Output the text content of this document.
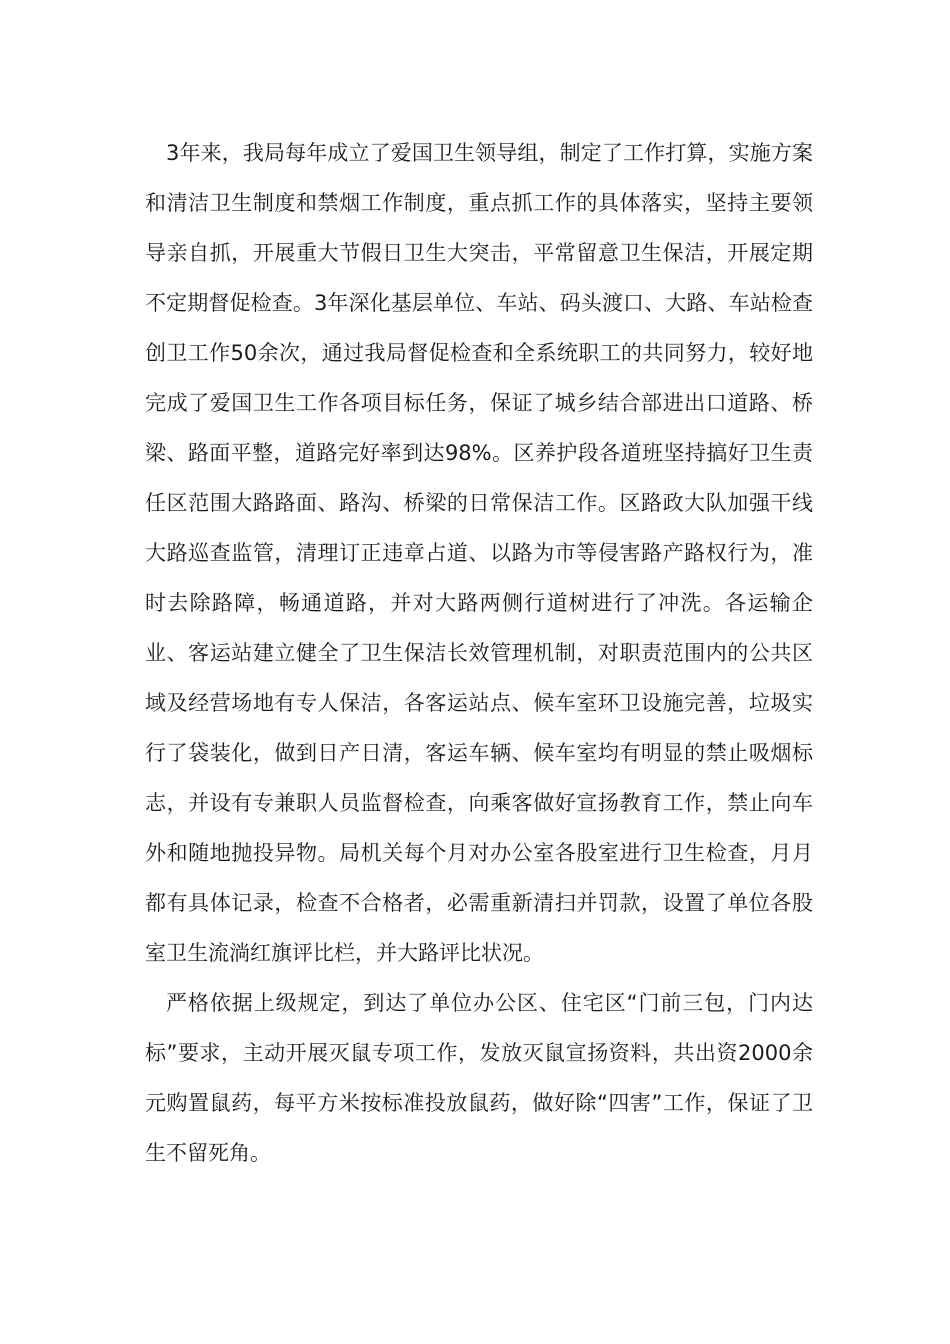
3年来，我局每年成立了爱国卫生领导组，制定了工作打算，实施方案和清洁卫生制度和禁烟工作制度，重点抓工作的具体落实，坚持主要领导亲自抓，开展重大节假日卫生大突击，平常留意卫生保洁，开展定期不定期督促检查。3年深化基层单位、车站、码头渡口、大路、车站检查创卫工作50余次，通过我局督促检查和全系统职工的共同努力，较好地完成了爱国卫生工作各项目标任务，保证了城乡结合部进出口道路、桥梁、路面平整，道路完好率到达98%。区养护段各道班坚持搞好卫生责任区范围大路路面、路沟、桥梁的日常保洁工作。区路政大队加强干线大路巡查监管，清理订正违章占道、以路为市等侵害路产路权行为，准时去除路障，畅通道路，并对大路两侧行道树进行了冲洗。各运输企业、客运站建立健全了卫生保洁长效管理机制，对职责范围内的公共区域及经营场地有专人保洁，各客运站点、候车室环卫设施完善，垃圾实行了袋装化，做到日产日清，客运车辆、候车室均有明显的禁止吸烟标志，并设有专兼职人员监督检查，向乘客做好宣扬教育工作，禁止向车外和随地抛投异物。局机关每个月对办公室各股室进行卫生检查，月月都有具体记录，检查不合格者，必需重新清扫并罚款，设置了单位各股室卫生流淌红旗评比栏，并大路评比状况。

严格依据上级规定，到达了单位办公区、住宅区“门前三包，门内达标”要求，主动开展灭鼠专项工作，发放灭鼠宣扬资料，共出资2000余元购置鼠药，每平方米按标准投放鼠药，做好除“四害”工作，保证了卫生不留死角。
